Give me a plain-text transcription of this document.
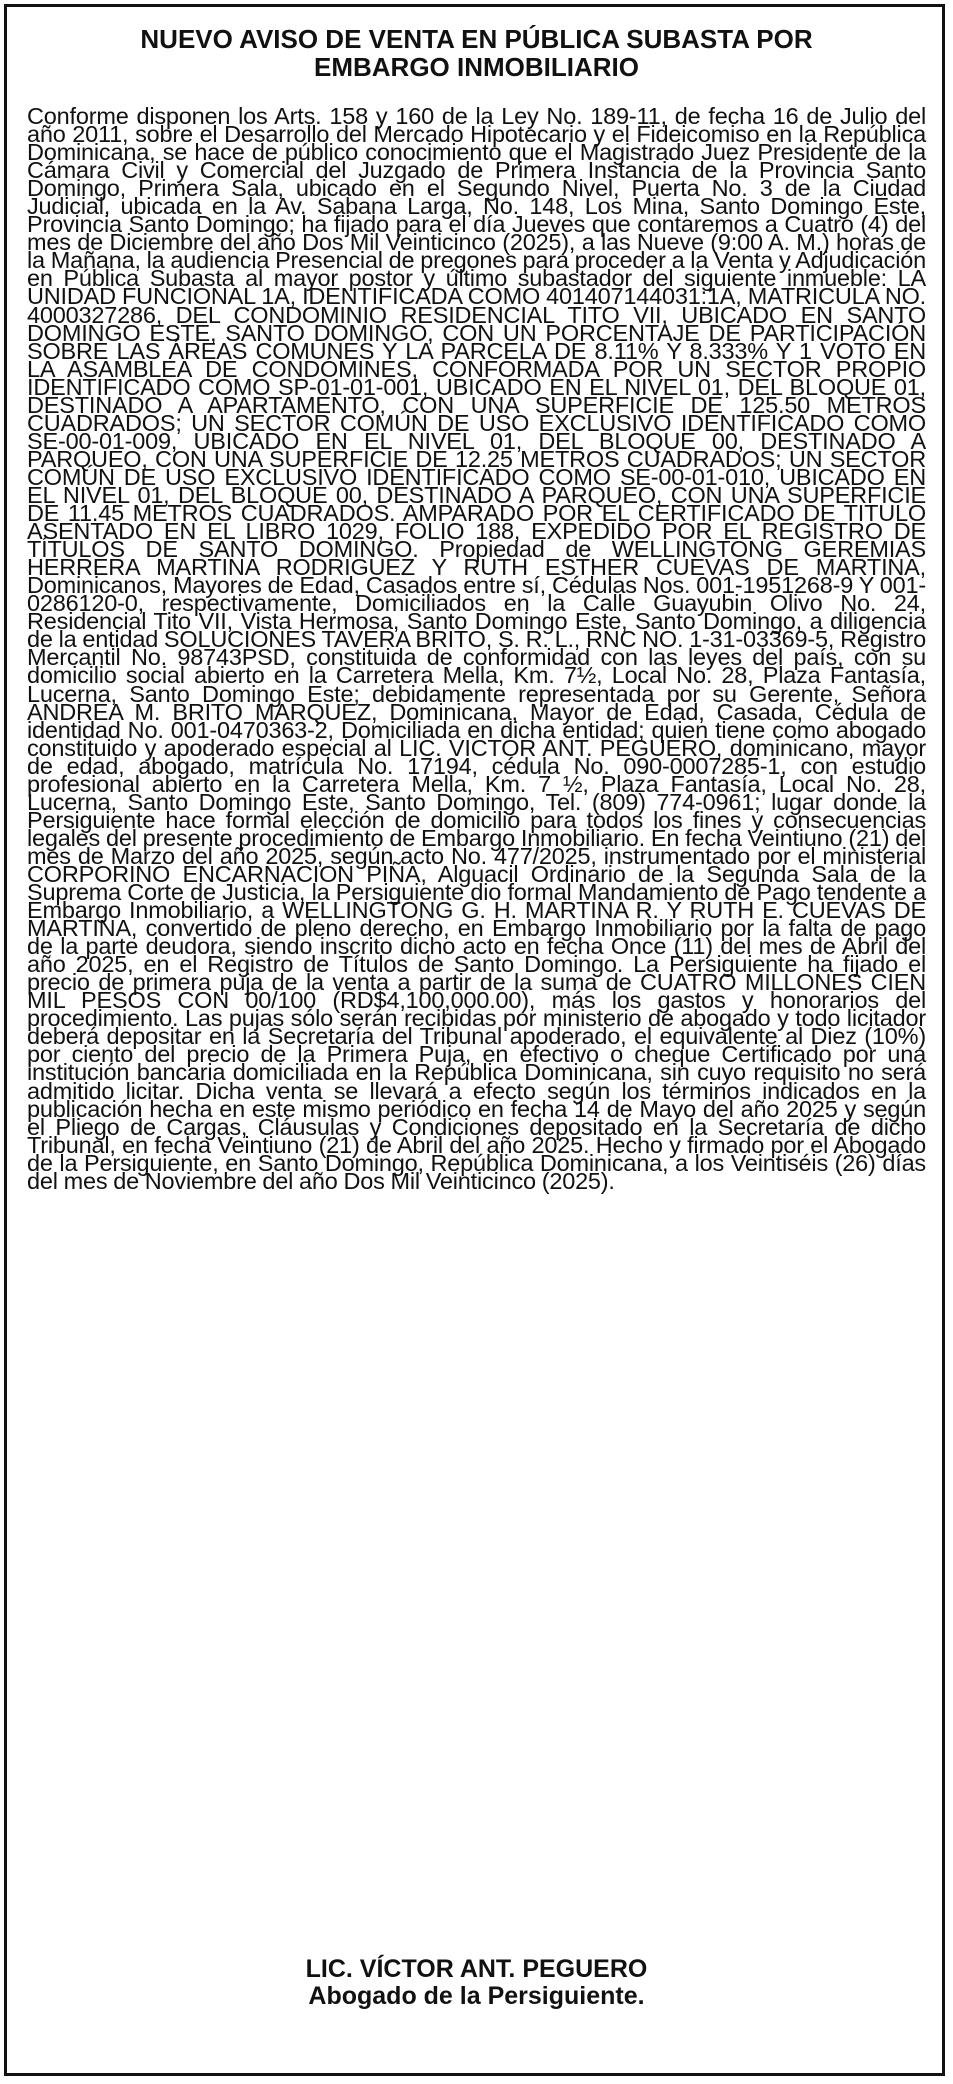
NUEVO AVISO DE VENTA EN PÚBLICA SUBASTA POR
EMBARGO INMOBILIARIO

Conforme disponen los Arts. 158 y 160 de la Ley No. 189-11, de fecha 16 de Julio del año 2011, sobre el Desarrollo del Mercado Hipotecario y el Fideicomiso en la República Dominicana, se hace de público conocimiento que el Magistrado Juez Presidente de la Cámara Civil y Comercial del Juzgado de Primera Instancia de la Provincia Santo Domingo, Primera Sala, ubicado en el Segundo Nivel, Puerta No. 3 de la Ciudad Judicial, ubicada en la Av. Sabana Larga, No. 148, Los Mina, Santo Domingo Este, Provincia Santo Domingo; ha fijado para el día Jueves que contaremos a Cuatro (4) del mes de Diciembre del año Dos Mil Veinticinco (2025), a las Nueve (9:00 A. M.) horas de la Mañana, la audiencia Presencial de pregones para proceder a la Venta y Adjudicación en Pública Subasta al mayor postor y último subastador del siguiente inmueble: LA UNIDAD FUNCIONAL 1A, IDENTIFICADA COMO 401407144031:1A, MATRICULA NO. 4000327286, DEL CONDOMINIO RESIDENCIAL TITO VII, UBICADO EN SANTO DOMINGO ESTE, SANTO DOMINGO, CON UN PORCENTAJE DE PARTICIPACIÓN SOBRE LAS ÁREAS COMUNES Y LA PARCELA DE 8.11% Y 8.333% Y 1 VOTO EN LA ASAMBLEA DE CONDÓMINES, CONFORMADA POR UN SECTOR PROPIO IDENTIFICADO COMO SP-01-01-001, UBICADO EN EL NIVEL 01, DEL BLOQUE 01, DESTINADO A APARTAMENTO, CON UNA SUPERFICIE DE 125.50 METROS CUADRADOS; UN SECTOR COMÚN DE USO EXCLUSIVO IDENTIFICADO COMO SE-00-01-009, UBICADO EN EL NIVEL 01, DEL BLOQUE 00, DESTINADO A PARQUEO, CON UNA SUPERFICIE DE 12.25 METROS CUADRADOS; UN SECTOR COMÚN DE USO EXCLUSIVO IDENTIFICADO COMO SE-00-01-010, UBICADO EN EL NIVEL 01, DEL BLOQUE 00, DESTINADO A PARQUEO, CON UNA SUPERFICIE DE 11.45 METROS CUADRADOS. AMPARADO POR EL CERTIFICADO DE TITULO ASENTADO EN EL LIBRO 1029, FOLIO 188, EXPEDIDO POR EL REGISTRO DE TÍTULOS DE SANTO DOMINGO. Propiedad de WELLINGTONG GEREMIAS HERRERA MARTINA RODRIGUEZ Y RUTH ESTHER CUEVAS DE MARTINA, Dominicanos, Mayores de Edad, Casados entre sí, Cédulas Nos. 001-1951268-9 Y 001-0286120-0, respectivamente, Domiciliados en la Calle Guayubin Olivo No. 24, Residencial Tito VII, Vista Hermosa, Santo Domingo Este, Santo Domingo, a diligencia de la entidad SOLUCIONES TAVERA BRITO, S. R. L., RNC NO. 1-31-03369-5, Registro Mercantil No. 98743PSD, constituida de conformidad con las leyes del país, con su domicilio social abierto en la Carretera Mella, Km. 7½, Local No. 28, Plaza Fantasía, Lucerna, Santo Domingo Este; debidamente representada por su Gerente, Señora ANDREA M. BRITO MARQUEZ, Dominicana, Mayor de Edad, Casada, Cédula de identidad No. 001-0470363-2, Domiciliada en dicha entidad; quien tiene como abogado constituido y apoderado especial al LIC. VICTOR ANT. PEGUERO, dominicano, mayor de edad, abogado, matrícula No. 17194, cédula No. 090-0007285-1, con estudio profesional abierto en la Carretera Mella, Km. 7 ½, Plaza Fantasía, Local No. 28, Lucerna, Santo Domingo Este, Santo Domingo, Tel. (809) 774-0961; lugar donde la Persiguiente hace formal elección de domicilio para todos los fines y consecuencias legales del presente procedimiento de Embargo Inmobiliario. En fecha Veintiuno (21) del mes de Marzo del año 2025, según acto No. 477/2025, instrumentado por el ministerial CORPORINO ENCARNACION PIÑA, Alguacil Ordinario de la Segunda Sala de la Suprema Corte de Justicia, la Persiguiente dio formal Mandamiento de Pago tendente a Embargo Inmobiliario, a WELLINGTONG G. H. MARTINA R. Y RUTH E. CUEVAS DE MARTINA, convertido de pleno derecho, en Embargo Inmobiliario por la falta de pago de la parte deudora, siendo inscrito dicho acto en fecha Once (11) del mes de Abril del año 2025, en el Registro de Títulos de Santo Domingo. La Persiguiente ha fijado el precio de primera puja de la venta a partir de la suma de CUATRO MILLONES CIEN MIL PESOS CON 00/100 (RD$4,100,000.00), más los gastos y honorarios del procedimiento. Las pujas sólo serán recibidas por ministerio de abogado y todo licitador deberá depositar en la Secretaría del Tribunal apoderado, el equivalente al Diez (10%) por ciento del precio de la Primera Puja, en efectivo o cheque Certificado por una institución bancaria domiciliada en la República Dominicana, sin cuyo requisito no será admitido licitar. Dicha venta se llevará a efecto según los términos indicados en la publicación hecha en este mismo periódico en fecha 14 de Mayo del año 2025 y según el Pliego de Cargas, Cláusulas y Condiciones depositado en la Secretaría de dicho Tribunal, en fecha Veintiuno (21) de Abril del año 2025. Hecho y firmado por el Abogado de la Persiguiente, en Santo Domingo, República Dominicana, a los Veintiséis (26) días del mes de Noviembre del año Dos Mil Veinticinco (2025).

LIC. VÍCTOR ANT. PEGUERO
Abogado de la Persiguiente.
